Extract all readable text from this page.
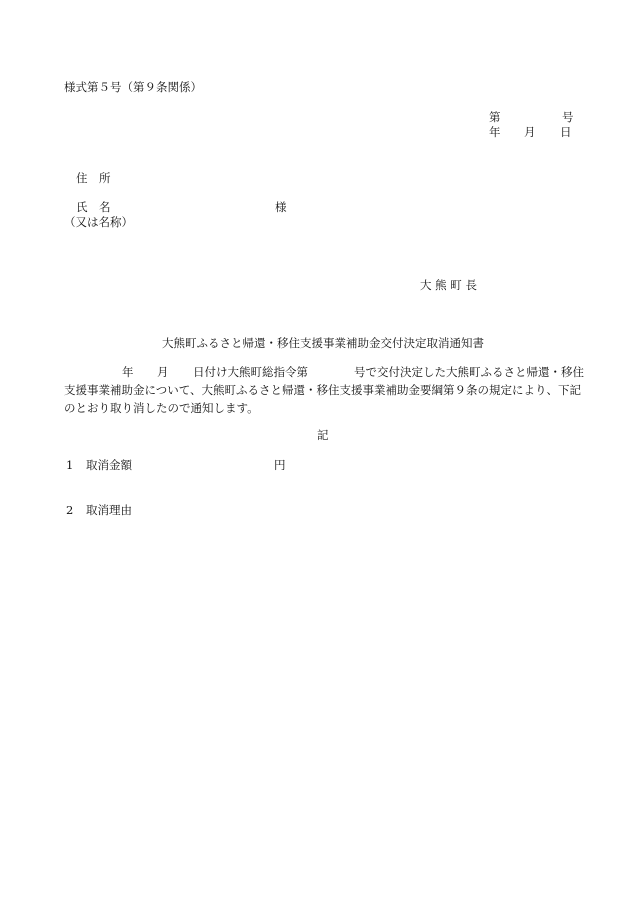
様式第５号（第９条関係）
第	号
年 月 日
住　所
氏　名	様
（又は名称）
大 熊 町 長
大熊町ふるさと帰還・移住支援事業補助金交付決定取消通知書
年 月 日付け大熊町総指令第	号で交付決定した大熊町ふるさと帰還・移住

支援事業補助金について、大熊町ふるさと帰還・移住支援事業補助金要綱第９条の規定により、下記
のとおり取り消したので通知します。
記
1 取消金額	円
2 取消理由
